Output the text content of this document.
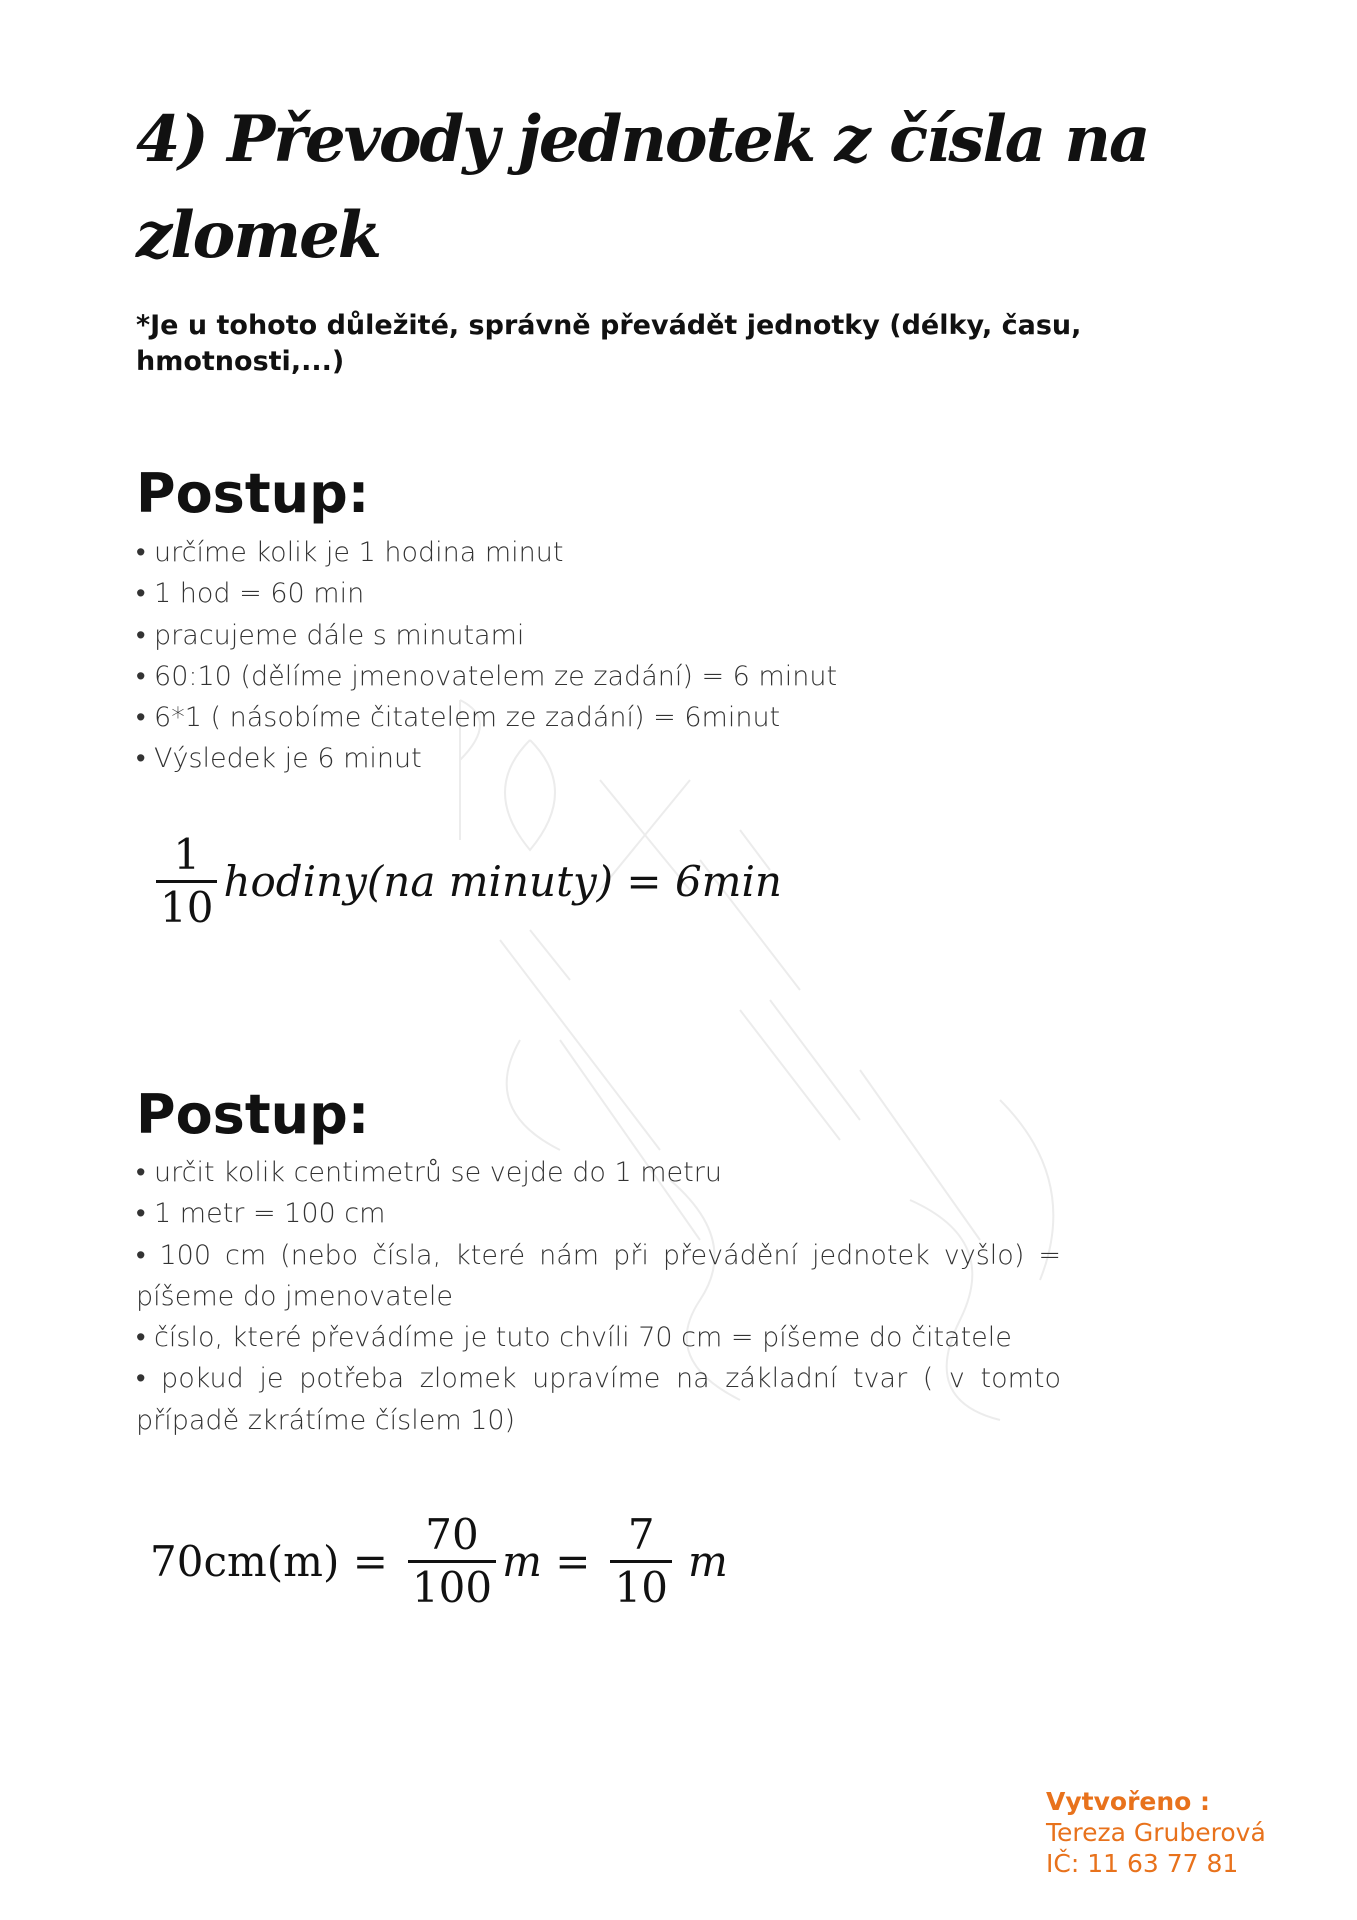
4) Převody jednotek z čísla na zlomek

*Je u tohoto důležité, správně převádět jednotky (délky, času, hmotnosti,...)

Postup:
• určíme kolik je 1 hodina minut
• 1 hod = 60 min
• pracujeme dále s minutami
• 60:10 (dělíme jmenovatelem ze zadání) = 6 minut
• 6*1 ( násobíme čitatelem ze zadání) = 6minut
• Výsledek je 6 minut
$\frac{1}{10}$ hodiny(na minuty) = 6min
Postup:
• určit kolik centimetrů se vejde do 1 metru
• 1 metr = 100 cm
• 100 cm (nebo čísla, které nám při převádění jednotek vyšlo) = píšeme do jmenovatele
• číslo, které převádíme je tuto chvíli 70 cm = píšeme do čitatele
• pokud je potřeba zlomek upravíme na základní tvar ( v tomto případě zkrátíme číslem 10)
$70cm(m) = \frac{70}{100}$ $m = \frac{7}{10}$ m
Vytvořeno :
Tereza Gruberová
IČ: 11 63 77 81
